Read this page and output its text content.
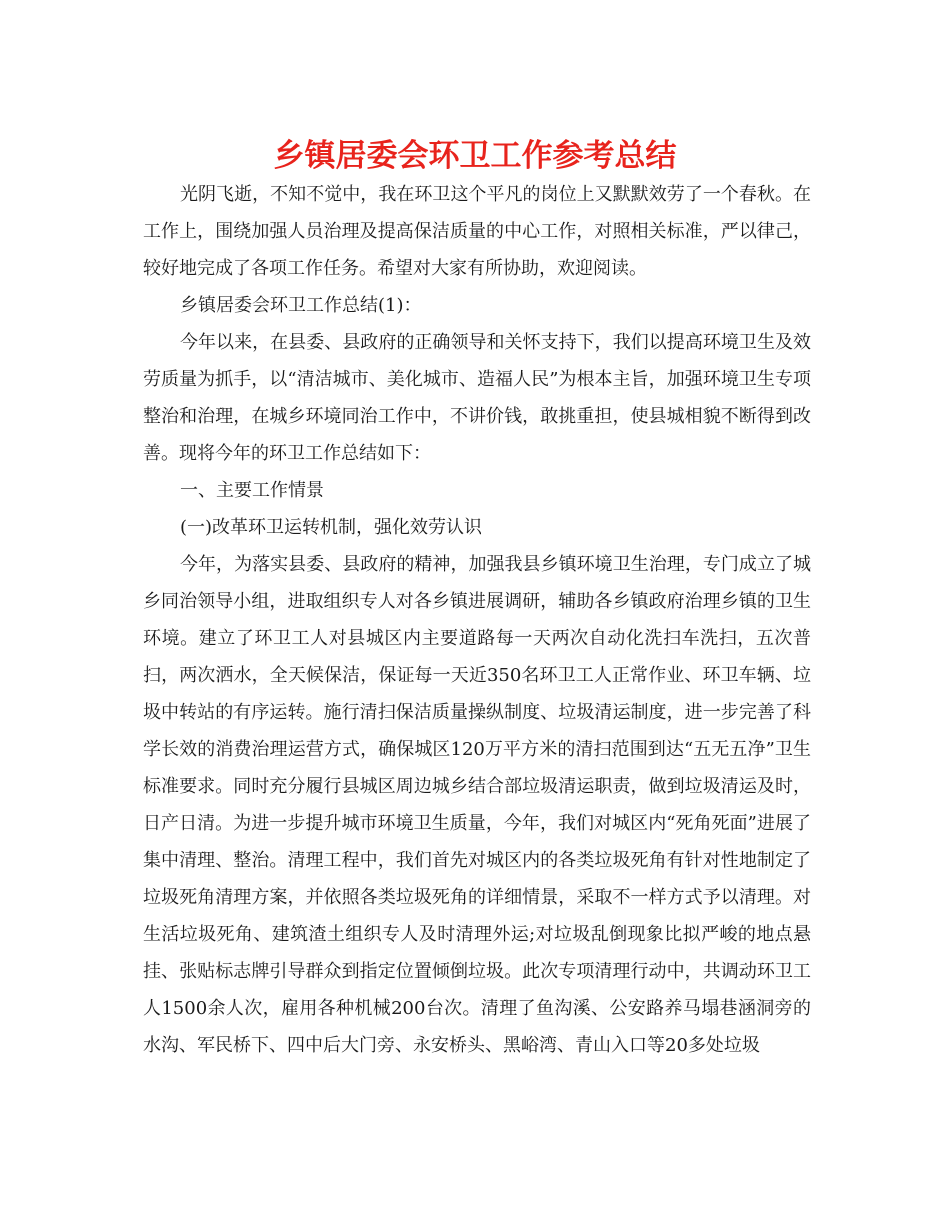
乡镇居委会环卫工作参考总结

光阴飞逝，不知不觉中，我在环卫这个平凡的岗位上又默默效劳了一个春秋。在工作上，围绕加强人员治理及提高保洁质量的中心工作，对照相关标准，严以律己，较好地完成了各项工作任务。希望对大家有所协助，欢迎阅读。

乡镇居委会环卫工作总结(1)：

今年以来，在县委、县政府的正确领导和关怀支持下，我们以提高环境卫生及效劳质量为抓手，以“清洁城市、美化城市、造福人民”为根本主旨，加强环境卫生专项整治和治理，在城乡环境同治工作中，不讲价钱，敢挑重担，使县城相貌不断得到改善。现将今年的环卫工作总结如下：

一、主要工作情景

(一)改革环卫运转机制，强化效劳认识

今年，为落实县委、县政府的精神，加强我县乡镇环境卫生治理，专门成立了城乡同治领导小组，进取组织专人对各乡镇进展调研，辅助各乡镇政府治理乡镇的卫生环境。建立了环卫工人对县城区内主要道路每一天两次自动化洗扫车洗扫，五次普扫，两次洒水，全天候保洁，保证每一天近350名环卫工人正常作业、环卫车辆、垃圾中转站的有序运转。施行清扫保洁质量操纵制度、垃圾清运制度，进一步完善了科学长效的消费治理运营方式，确保城区120万平方米的清扫范围到达“五无五净”卫生标准要求。同时充分履行县城区周边城乡结合部垃圾清运职责，做到垃圾清运及时，日产日清。为进一步提升城市环境卫生质量，今年，我们对城区内“死角死面”进展了集中清理、整治。清理工程中，我们首先对城区内的各类垃圾死角有针对性地制定了垃圾死角清理方案，并依照各类垃圾死角的详细情景，采取不一样方式予以清理。对生活垃圾死角、建筑渣土组织专人及时清理外运;对垃圾乱倒现象比拟严峻的地点悬挂、张贴标志牌引导群众到指定位置倾倒垃圾。此次专项清理行动中，共调动环卫工人1500余人次，雇用各种机械200台次。清理了鱼沟溪、公安路养马塌巷涵洞旁的水沟、军民桥下、四中后大门旁、永安桥头、黑峪湾、青山入口等20多处垃圾
